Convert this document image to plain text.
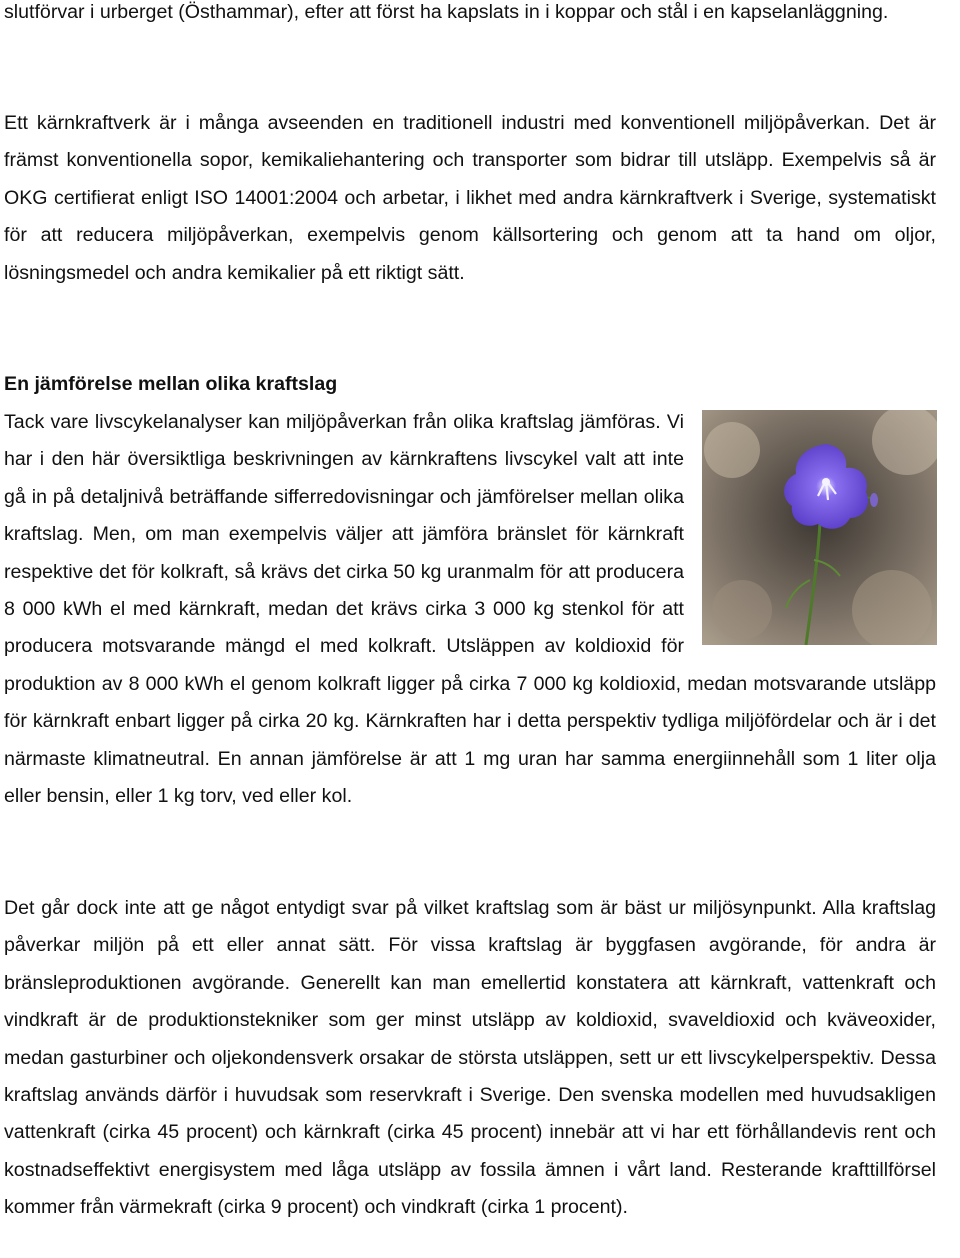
slutförvar i urberget (Östhammar), efter att först ha kapslats in i koppar och stål i en kapselanläggning.

Ett kärnkraftverk är i många avseenden en traditionell industri med konventionell miljöpåverkan. Det är främst konventionella sopor, kemikaliehantering och transporter som bidrar till utsläpp. Exempelvis så är OKG certifierat enligt ISO 14001:2004 och arbetar, i likhet med andra kärnkraftverk i Sverige, systematiskt för att reducera miljöpåverkan, exempelvis genom källsortering och genom att ta hand om oljor, lösningsmedel och andra kemikalier på ett riktigt sätt.

En jämförelse mellan olika kraftslag

Tack vare livscykelanalyser kan miljöpåverkan från olika kraftslag jämföras. Vi har i den här översiktliga beskrivningen av kärnkraftens livscykel valt att inte gå in på detaljnivå beträffande sifferredovisningar och jämförelser mellan olika kraftslag. Men, om man exempelvis väljer att jämföra bränslet för kärnkraft respektive det för kolkraft, så krävs det cirka 50 kg uranmalm för att producera 8 000 kWh el med kärnkraft, medan det krävs cirka 3 000 kg stenkol för att producera motsvarande mängd el med kolkraft. Utsläppen av koldioxid för produktion av 8 000 kWh el genom kolkraft ligger på cirka 7 000 kg koldioxid, medan motsvarande utsläpp för kärnkraft enbart ligger på cirka 20 kg. Kärnkraften har i detta perspektiv tydliga miljöfördelar och är i det närmaste klimatneutral. En annan jämförelse är att 1 mg uran har samma energiinnehåll som 1 liter olja eller bensin, eller 1 kg torv, ved eller kol.

Det går dock inte att ge något entydigt svar på vilket kraftslag som är bäst ur miljösynpunkt. Alla kraftslag påverkar miljön på ett eller annat sätt. För vissa kraftslag är byggfasen avgörande, för andra är bränsleproduktionen avgörande. Generellt kan man emellertid konstatera att kärnkraft, vattenkraft och vindkraft är de produktionstekniker som ger minst utsläpp av koldioxid, svaveldioxid och kväveoxider, medan gasturbiner och oljekondensverk orsakar de största utsläppen, sett ur ett livscykelperspektiv. Dessa kraftslag används därför i huvudsak som reservkraft i Sverige. Den svenska modellen med huvudsakligen vattenkraft (cirka 45 procent) och kärnkraft (cirka 45 procent) innebär att vi har ett förhållandevis rent och kostnadseffektivt energisystem med låga utsläpp av fossila ämnen i vårt land. Resterande krafttillförsel kommer från värmekraft (cirka 9 procent) och vindkraft (cirka 1 procent).
